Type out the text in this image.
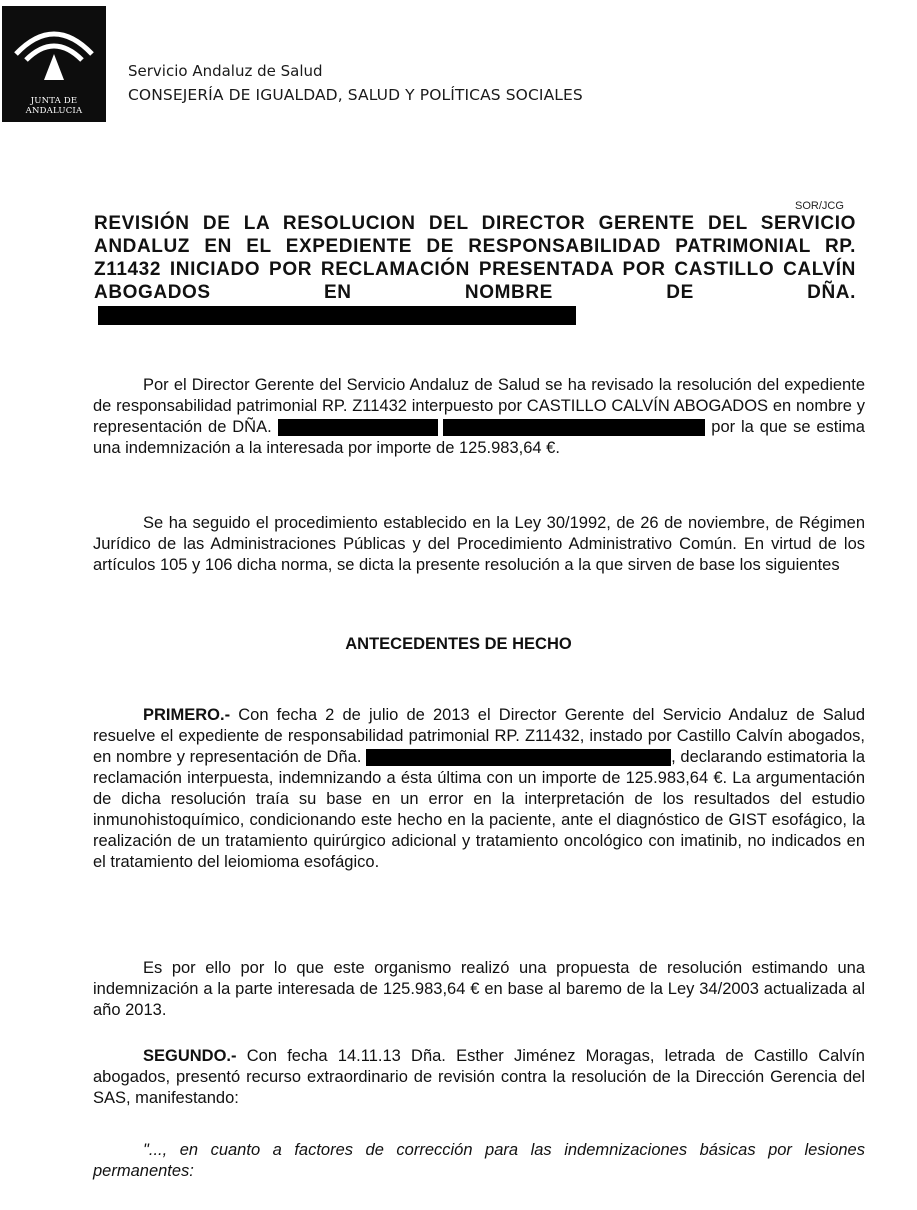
JUNTA DE ANDALUCIA
Servicio Andaluz de Salud
CONSEJERÍA DE IGUALDAD, SALUD Y POLÍTICAS SOCIALES
SOR/JCG
REVISIÓN DE LA RESOLUCION DEL DIRECTOR GERENTE DEL SERVICIO ANDALUZ EN EL EXPEDIENTE DE RESPONSABILIDAD PATRIMONIAL RP. Z11432 INICIADO POR RECLAMACIÓN PRESENTADA POR CASTILLO CALVÍN ABOGADOS EN NOMBRE DE DÑA.
Por el Director Gerente del Servicio Andaluz de Salud se ha revisado la resolución del expediente de responsabilidad patrimonial RP. Z11432 interpuesto por CASTILLO CALVÍN ABOGADOS en nombre y representación de DÑA.	por la que se estima una indemnización a la interesada por importe de 125.983,64 €.
Se ha seguido el procedimiento establecido en la Ley 30/1992, de 26 de noviembre, de Régimen Jurídico de las Administraciones Públicas y del Procedimiento Administrativo Común. En virtud de los artículos 105 y 106 dicha norma, se dicta la presente resolución a la que sirven de base los siguientes
ANTECEDENTES DE HECHO
PRIMERO.- Con fecha 2 de julio de 2013 el Director Gerente del Servicio Andaluz de Salud resuelve el expediente de responsabilidad patrimonial RP. Z11432, instado por Castillo Calvín abogados, en nombre y representación de Dña.	, declarando estimatoria la reclamación interpuesta, indemnizando a ésta última con un importe de 125.983,64 €. La argumentación de dicha resolución traía su base en un error en la interpretación de los resultados del estudio inmunohistoquímico, condicionando este hecho en la paciente, ante el diagnóstico de GIST esofágico, la realización de un tratamiento quirúrgico adicional y tratamiento oncológico con imatinib, no indicados en el tratamiento del leiomioma esofágico.
Es por ello por lo que este organismo realizó una propuesta de resolución estimando una indemnización a la parte interesada de 125.983,64 € en base al baremo de la Ley 34/2003 actualizada al año 2013.
SEGUNDO.- Con fecha 14.11.13 Dña. Esther Jiménez Moragas, letrada de Castillo Calvín abogados, presentó recurso extraordinario de revisión contra la resolución de la Dirección Gerencia del SAS, manifestando:
"..., en cuanto a factores de corrección para las indemnizaciones básicas por lesiones permanentes:
